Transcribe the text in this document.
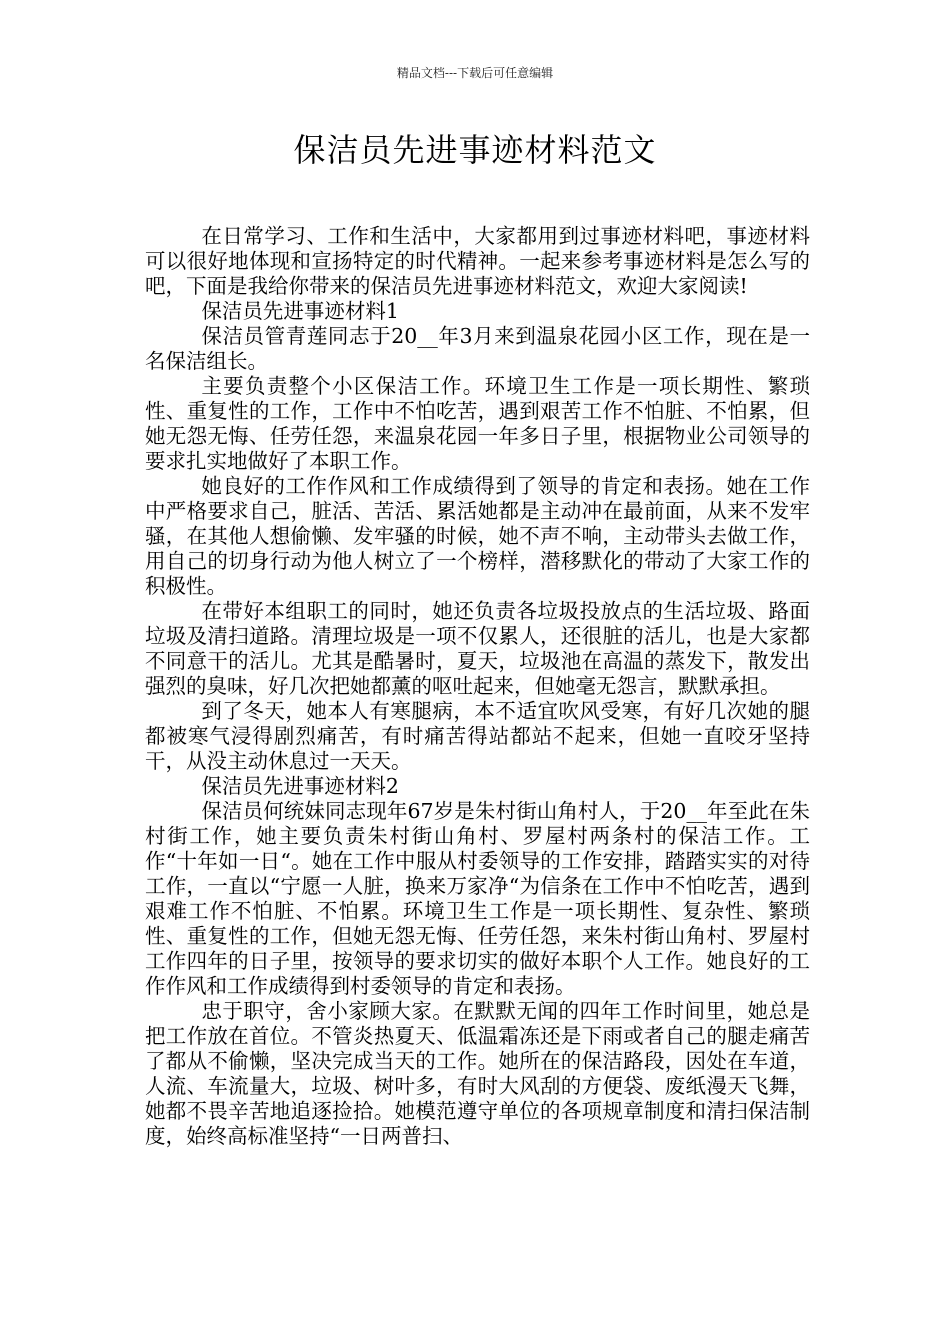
精品文档---下载后可任意编辑
保洁员先进事迹材料范文

在日常学习、工作和生活中，大家都用到过事迹材料吧，事迹材料可以很好地体现和宣扬特定的时代精神。一起来参考事迹材料是怎么写的吧，下面是我给你带来的保洁员先进事迹材料范文，欢迎大家阅读!

保洁员先进事迹材料1

保洁员管青莲同志于20__年3月来到温泉花园小区工作，现在是一名保洁组长。

主要负责整个小区保洁工作。环境卫生工作是一项长期性、繁琐性、重复性的工作，工作中不怕吃苦，遇到艰苦工作不怕脏、不怕累，但她无怨无悔、任劳任怨，来温泉花园一年多日子里，根据物业公司领导的要求扎实地做好了本职工作。

她良好的工作作风和工作成绩得到了领导的肯定和表扬。她在工作中严格要求自己，脏活、苦活、累活她都是主动冲在最前面，从来不发牢骚，在其他人想偷懒、发牢骚的时候，她不声不响，主动带头去做工作，用自己的切身行动为他人树立了一个榜样，潜移默化的带动了大家工作的积极性。

在带好本组职工的同时，她还负责各垃圾投放点的生活垃圾、路面垃圾及清扫道路。清理垃圾是一项不仅累人，还很脏的活儿，也是大家都不同意干的活儿。尤其是酷暑时，夏天，垃圾池在高温的蒸发下，散发出强烈的臭味，好几次把她都薰的呕吐起来，但她毫无怨言，默默承担。

到了冬天，她本人有寒腿病，本不适宜吹风受寒，有好几次她的腿都被寒气浸得剧烈痛苦，有时痛苦得站都站不起来，但她一直咬牙坚持干，从没主动休息过一天天。

保洁员先进事迹材料2

保洁员何统妹同志现年67岁是朱村街山角村人，于20__年至此在朱村街工作，她主要负责朱村街山角村、罗屋村两条村的保洁工作。工作“十年如一日“。她在工作中服从村委领导的工作安排，踏踏实实的对待工作，一直以“宁愿一人脏，换来万家净“为信条在工作中不怕吃苦，遇到艰难工作不怕脏、不怕累。环境卫生工作是一项长期性、复杂性、繁琐性、重复性的工作，但她无怨无悔、任劳任怨，来朱村街山角村、罗屋村工作四年的日子里，按领导的要求切实的做好本职个人工作。她良好的工作作风和工作成绩得到村委领导的肯定和表扬。

忠于职守，舍小家顾大家。在默默无闻的四年工作时间里，她总是把工作放在首位。不管炎热夏天、低温霜冻还是下雨或者自己的腿走痛苦了都从不偷懒，坚决完成当天的工作。她所在的保洁路段，因处在车道，人流、车流量大，垃圾、树叶多，有时大风刮的方便袋、废纸漫天飞舞，她都不畏辛苦地追逐捡拾。她模范遵守单位的各项规章制度和清扫保洁制度，始终高标准坚持“一日两普扫、
